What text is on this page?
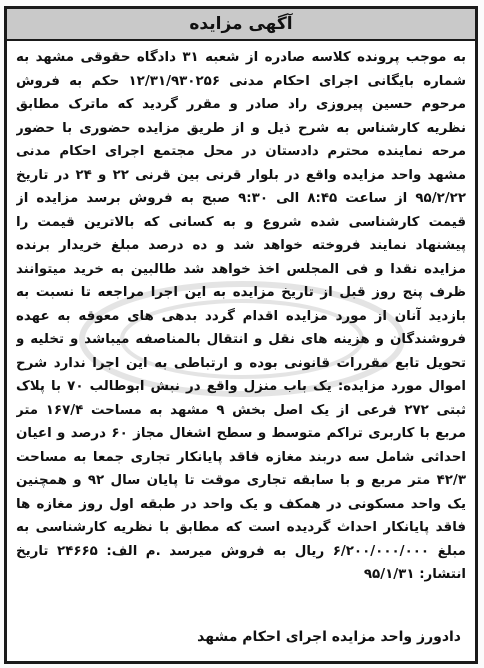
آگهی مزایده
به موجب پرونده کلاسه صادره از شعبه ۳۱ دادگاه حقوقی مشهد به
شماره بایگانی اجرای احکام مدنی ۱۲/۳۱/۹۳۰۲۵۶ حکم به فروش
مرحوم حسین پیروزی راد صادر و مقرر گردید که ماترک مطابق
نظریه کارشناس به شرح ذیل و از طریق مزایده حضوری با حضور
مرحه نماینده محترم دادستان در محل مجتمع اجرای احکام مدنی
مشهد واحد مزایده واقع در بلوار قرنی بین قرنی ۲۲ و ۲۴ در تاریخ
۹۵/۲/۲۲ از ساعت ۸:۴۵ الی ۹:۳۰ صبح به فروش برسد مزایده از
قیمت کارشناسی شده شروع و به کسانی که بالاترین قیمت را
پیشنهاد نمایند فروخته خواهد شد و ده درصد مبلغ خریدار برنده
مزایده نقدا و فی المجلس اخذ خواهد شد طالبین به خرید میتوانند
ظرف پنج روز قبل از تاریخ مزایده به این اجرا مراجعه تا نسبت به
بازدید آنان از مورد مزایده اقدام گردد بدهی های معوقه به عهده
فروشندگان و هزینه های نقل و انتقال بالمناصفه میباشد و تخلیه و
تحویل تابع مقررات قانونی بوده و ارتباطی به این اجرا ندارد شرح
اموال مورد مزایده: یک باب منزل واقع در نبش ابوطالب ۷۰ با پلاک
ثبتی ۲۷۲ فرعی از یک اصل بخش ۹ مشهد به مساحت ۱۶۷/۴ متر
مربع با کاربری تراکم متوسط و سطح اشغال مجاز ۶۰ درصد و اعیان
احداثی شامل سه دربند مغازه فاقد پایانکار تجاری جمعا به مساحت
۴۲/۳ متر مربع و با سابقه تجاری موقت تا پایان سال ۹۲ و همچنین
یک واحد مسکونی در همکف و یک واحد در طبقه اول روز مغازه ها
فاقد پایانکار احداث گردیده است که مطابق با نظریه کارشناسی به
مبلغ ۶/۲۰۰/۰۰۰/۰۰۰ ریال به فروش میرسد .م الف: ۲۴۶۶۵ تاریخ
انتشار: ۹۵/۱/۳۱
دادورز واحد مزایده اجرای احکام مشهد
